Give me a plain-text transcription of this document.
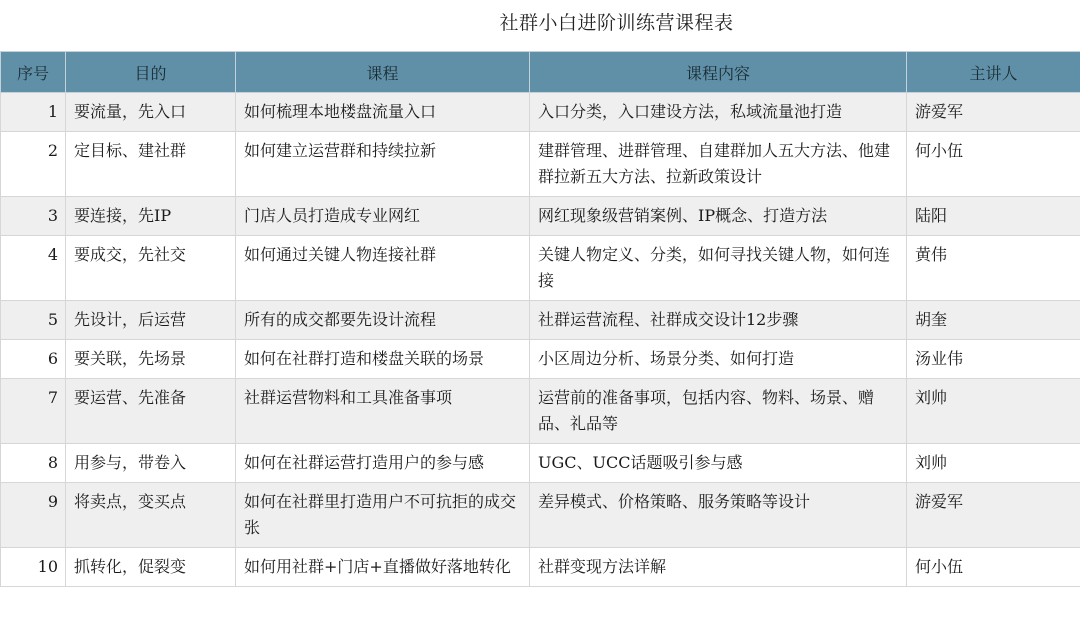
社群小白进阶训练营课程表
序号	目的	课程	课程内容	主讲人
1	要流量，先入口	如何梳理本地楼盘流量入口	入口分类，入口建设方法，私域流量池打造	游爱军
2	定目标、建社群	如何建立运营群和持续拉新	建群管理、进群管理、自建群加人五大方法、他建群拉新五大方法、拉新政策设计	何小伍
3	要连接，先IP	门店人员打造成专业网红	网红现象级营销案例、IP概念、打造方法	陆阳
4	要成交，先社交	如何通过关键人物连接社群	关键人物定义、分类，如何寻找关键人物，如何连接	黄伟
5	先设计，后运营	所有的成交都要先设计流程	社群运营流程、社群成交设计12步骤	胡奎
6	要关联，先场景	如何在社群打造和楼盘关联的场景	小区周边分析、场景分类、如何打造	汤业伟
7	要运营、先准备	社群运营物料和工具准备事项	运营前的准备事项，包括内容、物料、场景、赠品、礼品等	刘帅
8	用参与，带卷入	如何在社群运营打造用户的参与感	UGC、UCC话题吸引参与感	刘帅
9	将卖点，变买点	如何在社群里打造用户不可抗拒的成交张	差异模式、价格策略、服务策略等设计	游爱军
10	抓转化，促裂变	如何用社群+门店+直播做好落地转化	社群变现方法详解	何小伍
